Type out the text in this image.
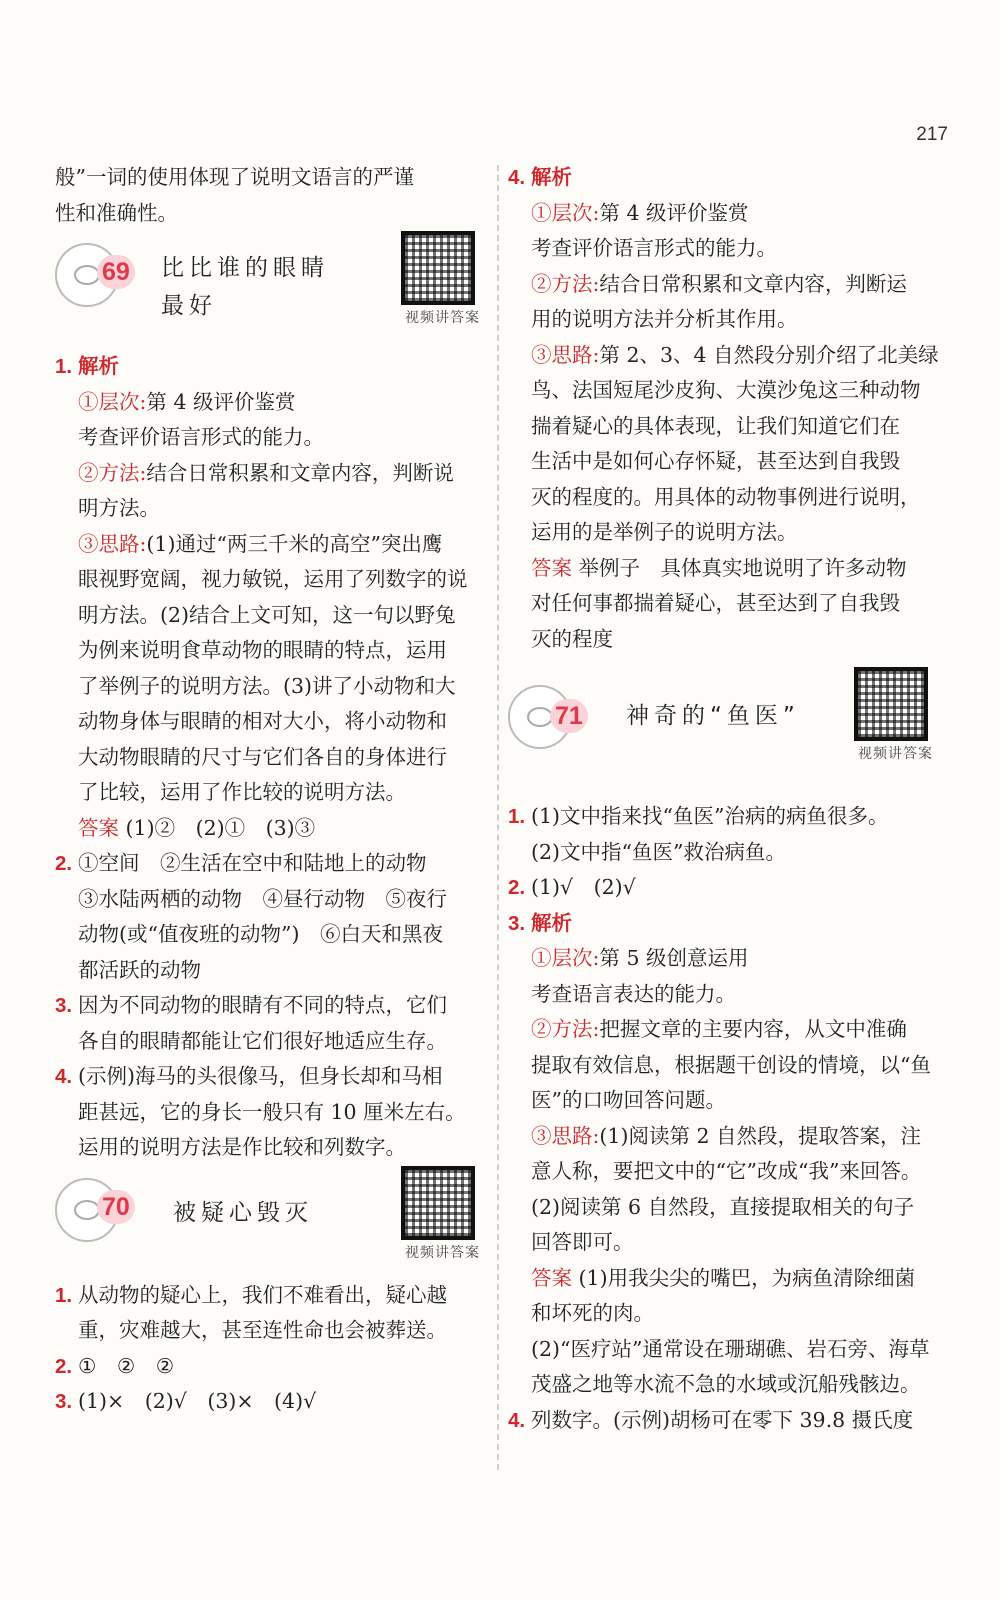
217
般”一词的使用体现了说明文语言的严谨
性和准确性。
69 比比谁的眼睛
最好	视频讲答案
1. 解析
①层次:第 4 级评价鉴赏
考查评价语言形式的能力。
②方法:结合日常积累和文章内容，判断说
明方法。
③思路:(1)通过“两三千米的高空”突出鹰
眼视野宽阔，视力敏锐，运用了列数字的说
明方法。(2)结合上文可知，这一句以野兔
为例来说明食草动物的眼睛的特点，运用
了举例子的说明方法。(3)讲了小动物和大
动物身体与眼睛的相对大小，将小动物和
大动物眼睛的尺寸与它们各自的身体进行
了比较，运用了作比较的说明方法。
答案 (1)②　(2)①　(3)③
2. ①空间　②生活在空中和陆地上的动物
③水陆两栖的动物　④昼行动物　⑤夜行
动物(或“值夜班的动物”)　⑥白天和黑夜
都活跃的动物
3. 因为不同动物的眼睛有不同的特点，它们
各自的眼睛都能让它们很好地适应生存。
4. (示例)海马的头很像马，但身长却和马相
距甚远，它的身长一般只有 10 厘米左右。
运用的说明方法是作比较和列数字。
70 被疑心毁灭
视频讲答案
1. 从动物的疑心上，我们不难看出，疑心越
重，灾难越大，甚至连性命也会被葬送。
2. ①　②　②
3. (1)×　(2)√　(3)×　(4)√
4. 解析
①层次:第 4 级评价鉴赏
考查评价语言形式的能力。
②方法:结合日常积累和文章内容，判断运
用的说明方法并分析其作用。
③思路:第 2、3、4 自然段分别介绍了北美绿
鸟、法国短尾沙皮狗、大漠沙兔这三种动物
揣着疑心的具体表现，让我们知道它们在
生活中是如何心存怀疑，甚至达到自我毁
灭的程度的。用具体的动物事例进行说明，
运用的是举例子的说明方法。
答案 举例子　具体真实地说明了许多动物
对任何事都揣着疑心，甚至达到了自我毁
灭的程度
71 神奇的“鱼医”
视频讲答案
1. (1)文中指来找“鱼医”治病的病鱼很多。
(2)文中指“鱼医”救治病鱼。
2. (1)√　(2)√
3. 解析
①层次:第 5 级创意运用
考查语言表达的能力。
②方法:把握文章的主要内容，从文中准确
提取有效信息，根据题干创设的情境，以“鱼
医”的口吻回答问题。
③思路:(1)阅读第 2 自然段，提取答案，注
意人称，要把文中的“它”改成“我”来回答。
(2)阅读第 6 自然段，直接提取相关的句子
回答即可。
答案 (1)用我尖尖的嘴巴，为病鱼清除细菌
和坏死的肉。
(2)“医疗站”通常设在珊瑚礁、岩石旁、海草
茂盛之地等水流不急的水域或沉船残骸边。
4. 列数字。(示例)胡杨可在零下 39.8 摄氏度
